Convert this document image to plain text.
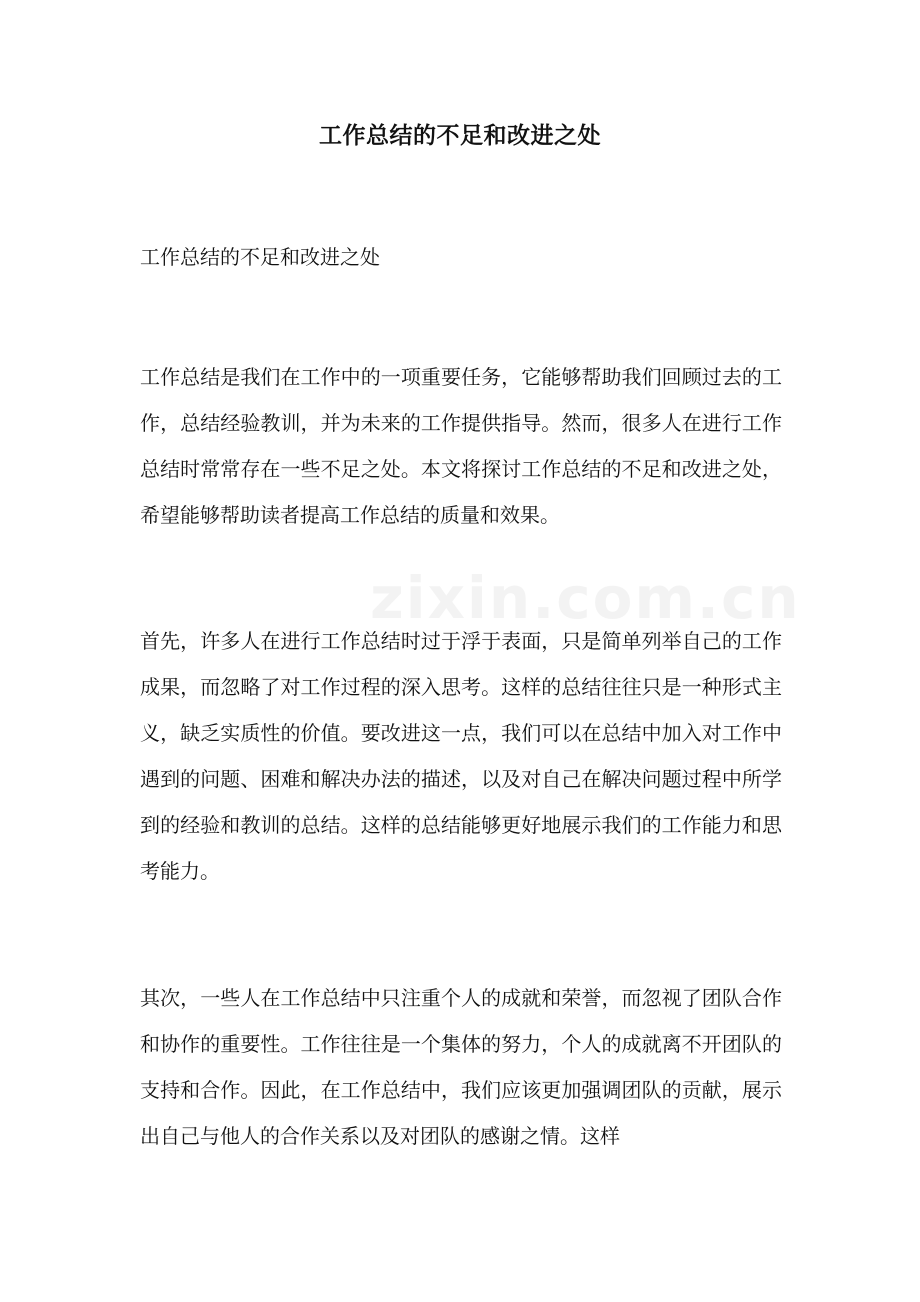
工作总结的不足和改进之处

工作总结的不足和改进之处

工作总结是我们在工作中的一项重要任务，它能够帮助我们回顾过去的工作，总结经验教训，并为未来的工作提供指导。然而，很多人在进行工作总结时常常存在一些不足之处。本文将探讨工作总结的不足和改进之处，希望能够帮助读者提高工作总结的质量和效果。

zixin.com.cn

首先，许多人在进行工作总结时过于浮于表面，只是简单列举自己的工作成果，而忽略了对工作过程的深入思考。这样的总结往往只是一种形式主义，缺乏实质性的价值。要改进这一点，我们可以在总结中加入对工作中遇到的问题、困难和解决办法的描述，以及对自己在解决问题过程中所学到的经验和教训的总结。这样的总结能够更好地展示我们的工作能力和思考能力。

其次，一些人在工作总结中只注重个人的成就和荣誉，而忽视了团队合作和协作的重要性。工作往往是一个集体的努力，个人的成就离不开团队的支持和合作。因此，在工作总结中，我们应该更加强调团队的贡献，展示出自己与他人的合作关系以及对团队的感谢之情。这样
